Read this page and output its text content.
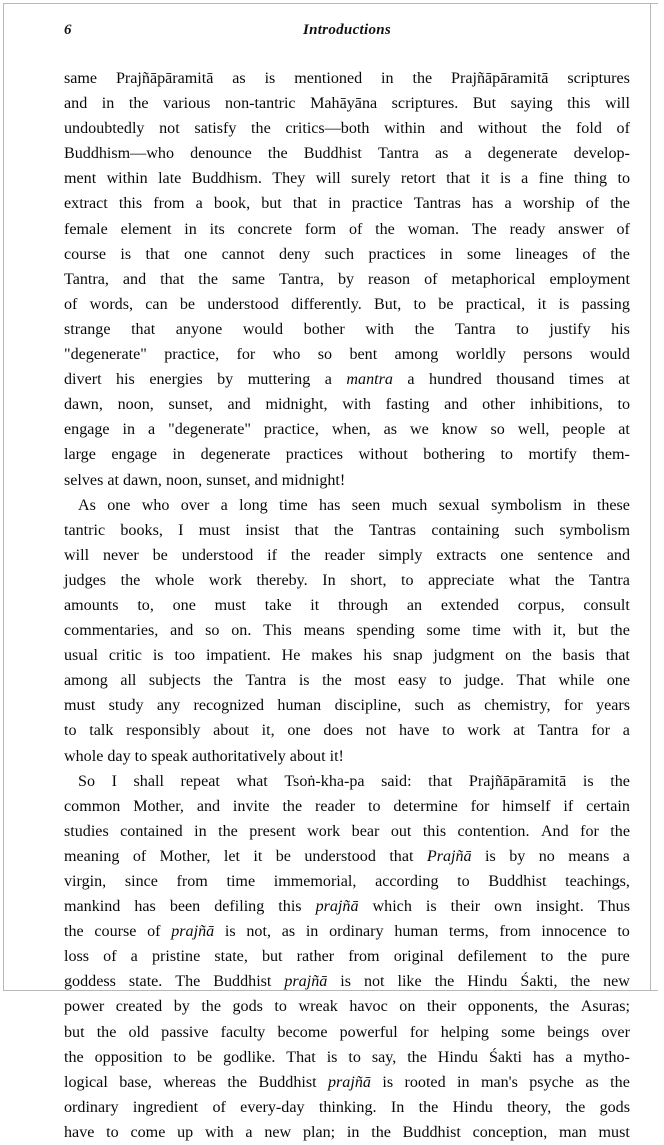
6	Introductions
same Prajñāpāramitā as is mentioned in the Prajñāpāramitā scriptures
and in the various non-tantric Mahāyāna scriptures. But saying this will
undoubtedly not satisfy the critics—both within and without the fold of
Buddhism—who denounce the Buddhist Tantra as a degenerate develop-
ment within late Buddhism. They will surely retort that it is a fine thing to
extract this from a book, but that in practice Tantras has a worship of the
female element in its concrete form of the woman. The ready answer of
course is that one cannot deny such practices in some lineages of the
Tantra, and that the same Tantra, by reason of metaphorical employment
of words, can be understood differently. But, to be practical, it is passing
strange that anyone would bother with the Tantra to justify his
"degenerate" practice, for who so bent among worldly persons would
divert his energies by muttering a mantra a hundred thousand times at
dawn, noon, sunset, and midnight, with fasting and other inhibitions, to
engage in a "degenerate" practice, when, as we know so well, people at
large engage in degenerate practices without bothering to mortify them-
selves at dawn, noon, sunset, and midnight!
As one who over a long time has seen much sexual symbolism in these
tantric books, I must insist that the Tantras containing such symbolism
will never be understood if the reader simply extracts one sentence and
judges the whole work thereby. In short, to appreciate what the Tantra
amounts to, one must take it through an extended corpus, consult
commentaries, and so on. This means spending some time with it, but the
usual critic is too impatient. He makes his snap judgment on the basis that
among all subjects the Tantra is the most easy to judge. That while one
must study any recognized human discipline, such as chemistry, for years
to talk responsibly about it, one does not have to work at Tantra for a
whole day to speak authoritatively about it!
So I shall repeat what Tsoṅ-kha-pa said: that Prajñāpāramitā is the
common Mother, and invite the reader to determine for himself if certain
studies contained in the present work bear out this contention. And for the
meaning of Mother, let it be understood that Prajñā is by no means a
virgin, since from time immemorial, according to Buddhist teachings,
mankind has been defiling this prajñā which is their own insight. Thus
the course of prajñā is not, as in ordinary human terms, from innocence to
loss of a pristine state, but rather from original defilement to the pure
goddess state. The Buddhist prajñā is not like the Hindu Śakti, the new
power created by the gods to wreak havoc on their opponents, the Asuras;
but the old passive faculty become powerful for helping some beings over
the opposition to be godlike. That is to say, the Hindu Śakti has a mytho-
logical base, whereas the Buddhist prajñā is rooted in man's psyche as the
ordinary ingredient of every-day thinking. In the Hindu theory, the gods
have to come up with a new plan; in the Buddhist conception, man must
